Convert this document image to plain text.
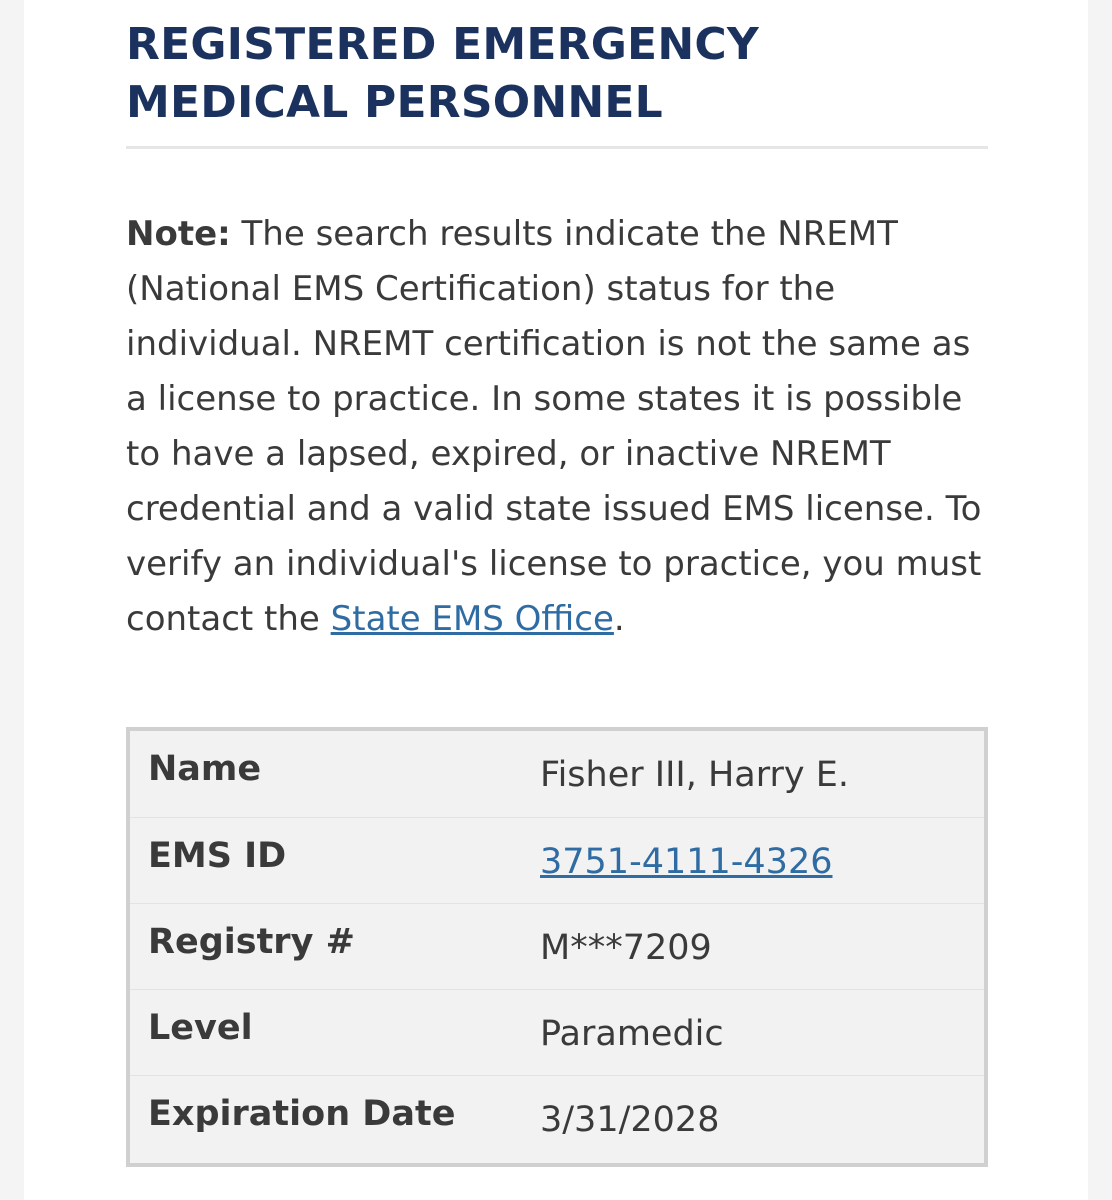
REGISTERED EMERGENCY MEDICAL PERSONNEL

Note: The search results indicate the NREMT (National EMS Certification) status for the individual. NREMT certification is not the same as a license to practice. In some states it is possible to have a lapsed, expired, or inactive NREMT credential and a valid state issued EMS license. To verify an individual's license to practice, you must contact the State EMS Office.

Name	Fisher III, Harry E.
EMS ID	3751-4111-4326
Registry #	M***7209
Level	Paramedic
Expiration Date	3/31/2028
